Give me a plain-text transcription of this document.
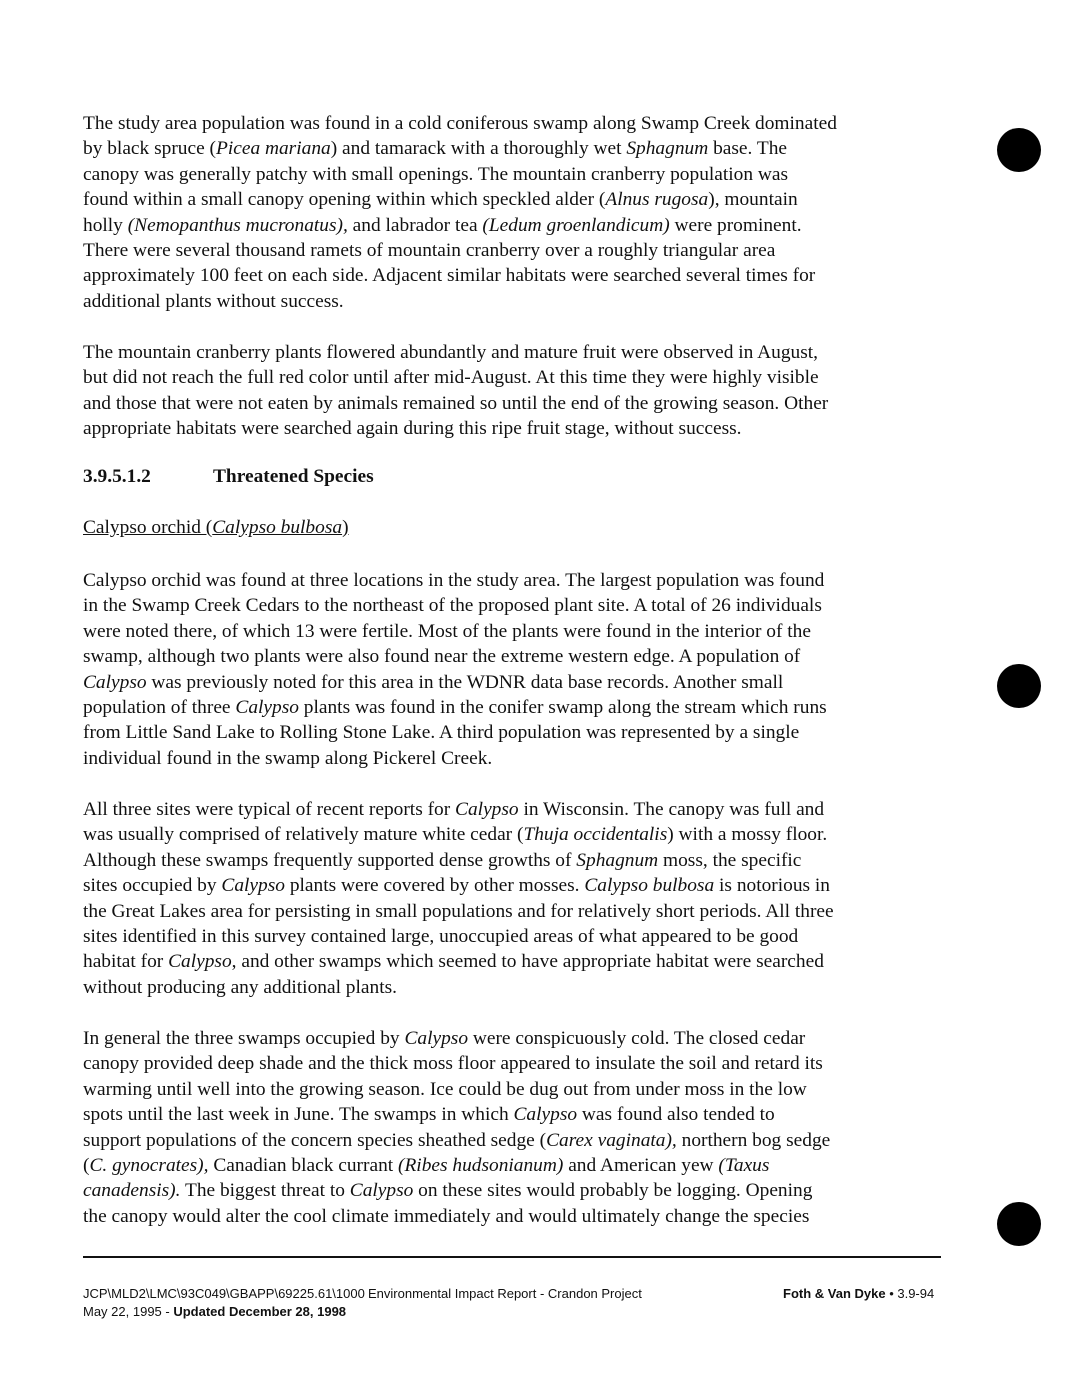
The study area population was found in a cold coniferous swamp along Swamp Creek dominated
by black spruce (Picea mariana) and tamarack with a thoroughly wet Sphagnum base. The
canopy was generally patchy with small openings. The mountain cranberry population was
found within a small canopy opening within which speckled alder (Alnus rugosa), mountain
holly (Nemopanthus mucronatus), and labrador tea (Ledum groenlandicum) were prominent.
There were several thousand ramets of mountain cranberry over a roughly triangular area
approximately 100 feet on each side. Adjacent similar habitats were searched several times for
additional plants without success.
The mountain cranberry plants flowered abundantly and mature fruit were observed in August,
but did not reach the full red color until after mid-August. At this time they were highly visible
and those that were not eaten by animals remained so until the end of the growing season. Other
appropriate habitats were searched again during this ripe fruit stage, without success.
3.9.5.1.2	Threatened Species
Calypso orchid (Calypso bulbosa)
Calypso orchid was found at three locations in the study area. The largest population was found
in the Swamp Creek Cedars to the northeast of the proposed plant site. A total of 26 individuals
were noted there, of which 13 were fertile. Most of the plants were found in the interior of the
swamp, although two plants were also found near the extreme western edge. A population of
Calypso was previously noted for this area in the WDNR data base records. Another small
population of three Calypso plants was found in the conifer swamp along the stream which runs
from Little Sand Lake to Rolling Stone Lake. A third population was represented by a single
individual found in the swamp along Pickerel Creek.
All three sites were typical of recent reports for Calypso in Wisconsin. The canopy was full and
was usually comprised of relatively mature white cedar (Thuja occidentalis) with a mossy floor.
Although these swamps frequently supported dense growths of Sphagnum moss, the specific
sites occupied by Calypso plants were covered by other mosses. Calypso bulbosa is notorious in
the Great Lakes area for persisting in small populations and for relatively short periods. All three
sites identified in this survey contained large, unoccupied areas of what appeared to be good
habitat for Calypso, and other swamps which seemed to have appropriate habitat were searched
without producing any additional plants.
In general the three swamps occupied by Calypso were conspicuously cold. The closed cedar
canopy provided deep shade and the thick moss floor appeared to insulate the soil and retard its
warming until well into the growing season. Ice could be dug out from under moss in the low
spots until the last week in June. The swamps in which Calypso was found also tended to
support populations of the concern species sheathed sedge (Carex vaginata), northern bog sedge
(C. gynocrates), Canadian black currant (Ribes hudsonianum) and American yew (Taxus
canadensis). The biggest threat to Calypso on these sites would probably be logging. Opening
the canopy would alter the cool climate immediately and would ultimately change the species
JCP\MLD2\LMC\93C049\GBAPP\69225.61\1000
May 22, 1995 - Updated December 28, 1998
Environmental Impact Report - Crandon Project	Foth & Van Dyke • 3.9-94
